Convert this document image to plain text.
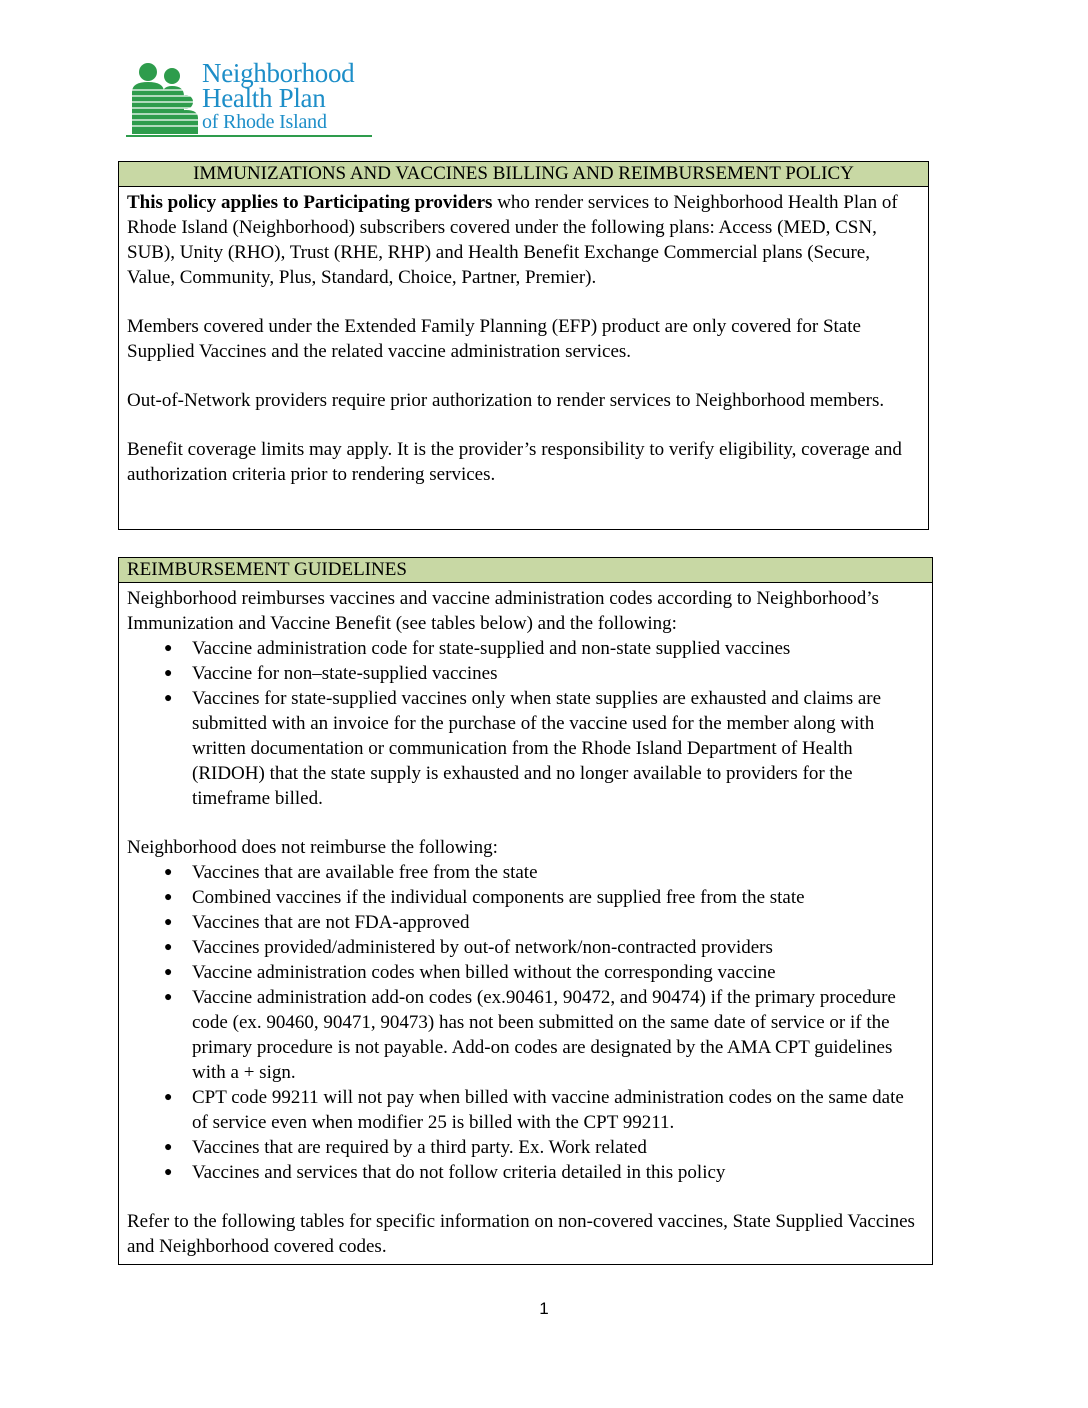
Neighborhood
Health Plan
of Rhode Island
IMMUNIZATIONS AND VACCINES BILLING AND REIMBURSEMENT POLICY

This policy applies to Participating providers who render services to Neighborhood Health Plan of Rhode Island (Neighborhood) subscribers covered under the following plans: Access (MED, CSN, SUB), Unity (RHO), Trust (RHE, RHP) and Health Benefit Exchange Commercial plans (Secure, Value, Community, Plus, Standard, Choice, Partner, Premier).

Members covered under the Extended Family Planning (EFP) product are only covered for State Supplied Vaccines and the related vaccine administration services.

Out-of-Network providers require prior authorization to render services to Neighborhood members.

Benefit coverage limits may apply. It is the provider’s responsibility to verify eligibility, coverage and authorization criteria prior to rendering services.

REIMBURSEMENT GUIDELINES
Neighborhood reimburses vaccines and vaccine administration codes according to Neighborhood’s Immunization and Vaccine Benefit (see tables below) and the following:
● Vaccine administration code for state-supplied and non-state supplied vaccines
● Vaccine for non–state-supplied vaccines
● Vaccines for state-supplied vaccines only when state supplies are exhausted and claims are submitted with an invoice for the purchase of the vaccine used for the member along with written documentation or communication from the Rhode Island Department of Health (RIDOH) that the state supply is exhausted and no longer available to providers for the timeframe billed.
Neighborhood does not reimburse the following:
● Vaccines that are available free from the state
● Combined vaccines if the individual components are supplied free from the state
● Vaccines that are not FDA-approved
● Vaccines provided/administered by out-of network/non-contracted providers
● Vaccine administration codes when billed without the corresponding vaccine
● Vaccine administration add-on codes (ex.90461, 90472, and 90474) if the primary procedure code (ex. 90460, 90471, 90473) has not been submitted on the same date of service or if the primary procedure is not payable. Add-on codes are designated by the AMA CPT guidelines with a + sign.
● CPT code 99211 will not pay when billed with vaccine administration codes on the same date of service even when modifier 25 is billed with the CPT 99211.
● Vaccines that are required by a third party. Ex. Work related
● Vaccines and services that do not follow criteria detailed in this policy
Refer to the following tables for specific information on non-covered vaccines, State Supplied Vaccines and Neighborhood covered codes.
1
